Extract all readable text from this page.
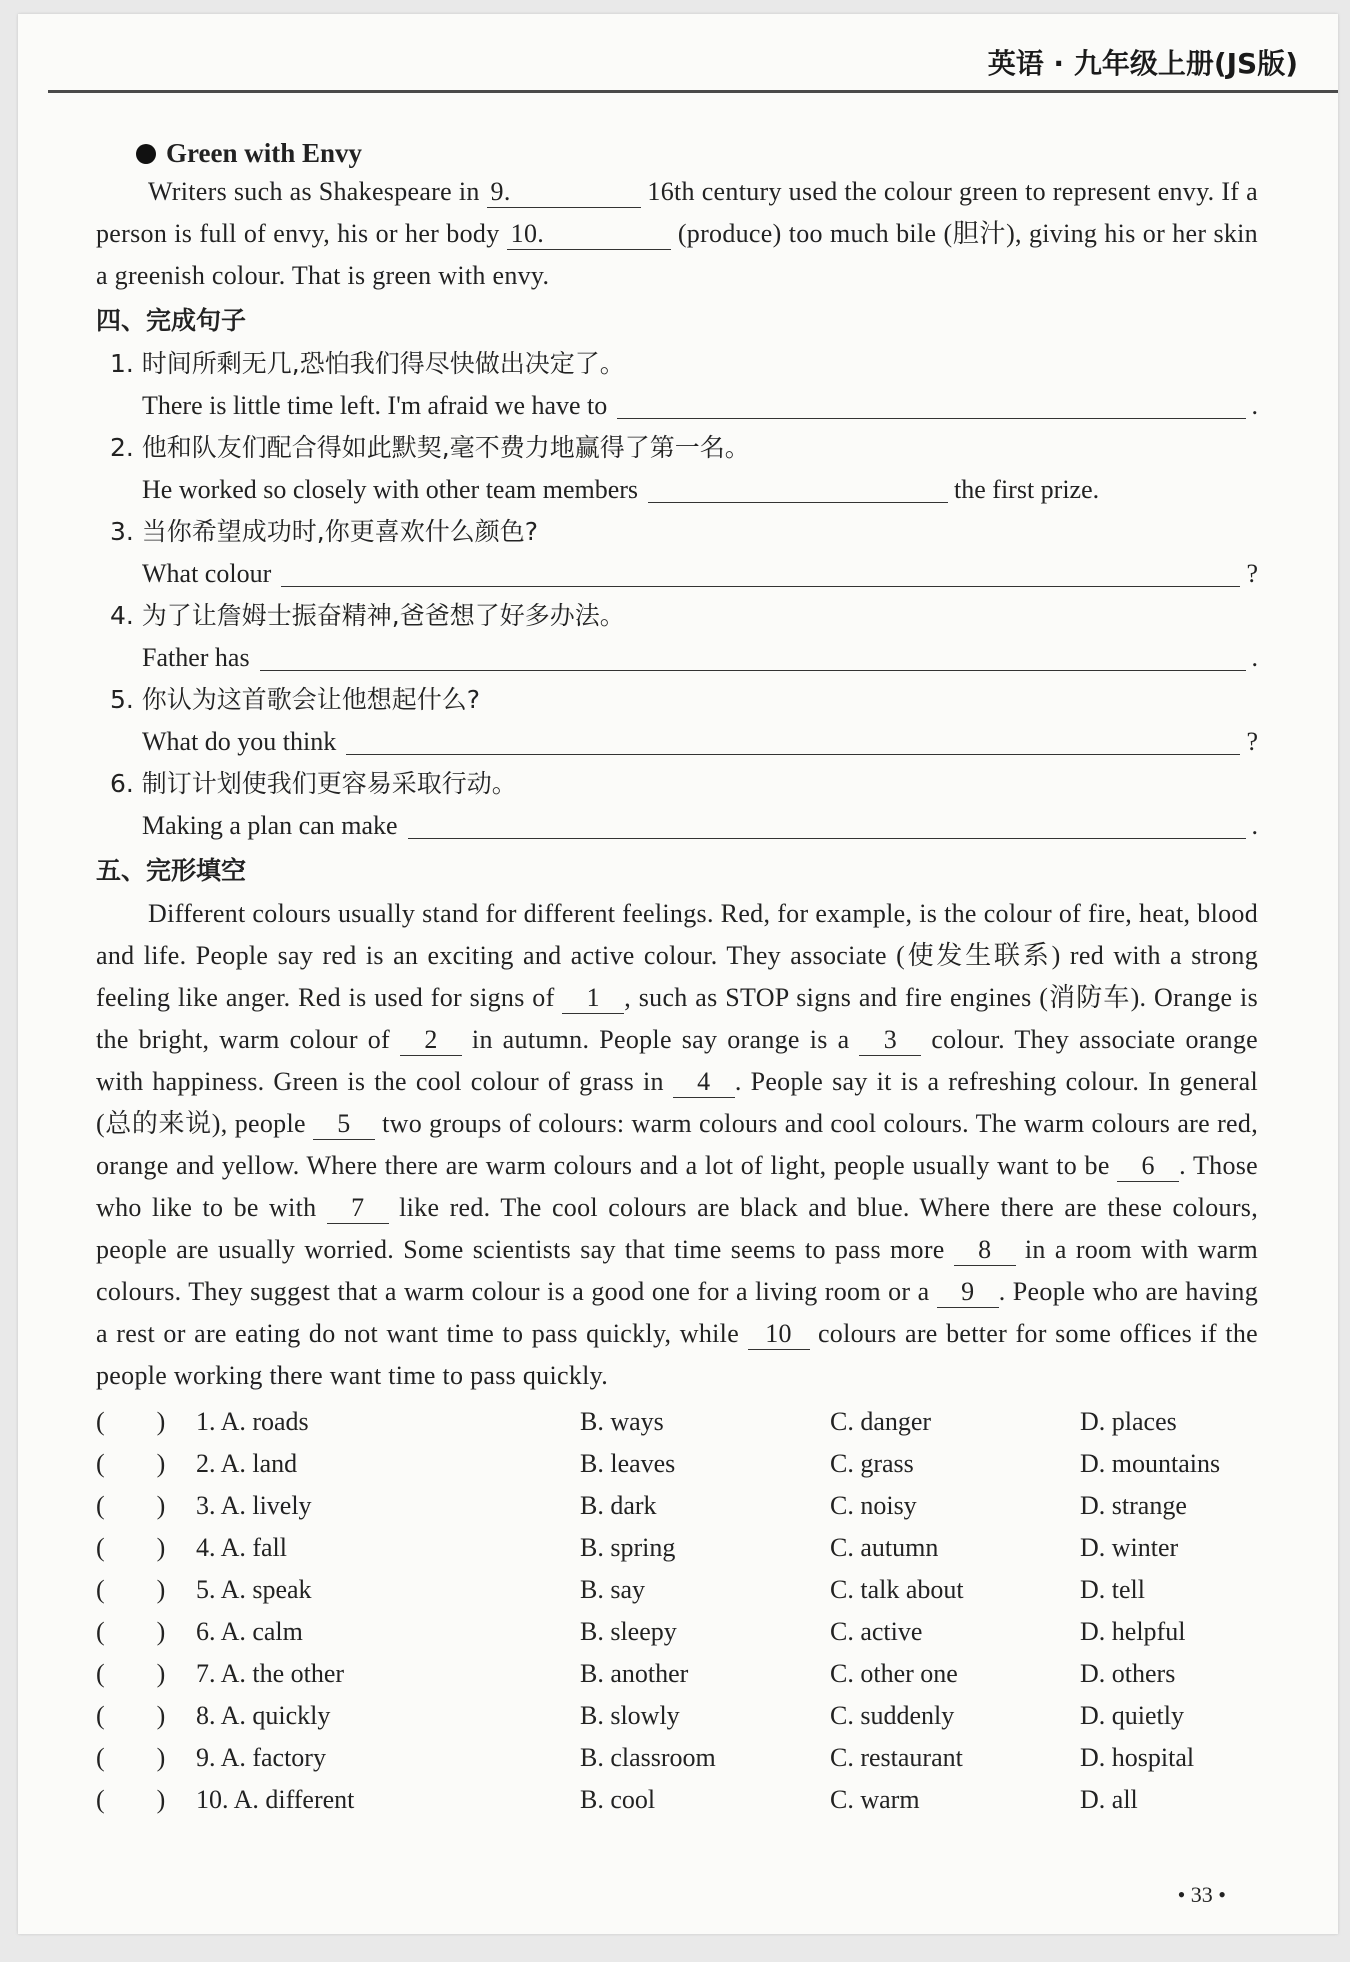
英语 · 九年级上册(JS版)
Green with Envy
Writers such as Shakespeare in 9.	16th century used the colour green to represent envy. If a person is full of envy, his or her body 10.	(produce) too much bile (胆汁), giving his or her skin a greenish colour. That is green with envy.
四、完成句子
1. 时间所剩无几,恐怕我们得尽快做出决定了。
There is little time left. I'm afraid we have to	.
2. 他和队友们配合得如此默契,毫不费力地赢得了第一名。
He worked so closely with other team members	the first prize.
3. 当你希望成功时,你更喜欢什么颜色?
What colour	?
4. 为了让詹姆士振奋精神,爸爸想了好多办法。
Father has	.
5. 你认为这首歌会让他想起什么?
What do you think	?
6. 制订计划使我们更容易采取行动。
Making a plan can make	.
五、完形填空
Different colours usually stand for different feelings. Red, for example, is the colour of fire, heat, blood and life. People say red is an exciting and active colour. They associate (使发生联系) red with a strong feeling like anger. Red is used for signs of 1 , such as STOP signs and fire engines (消防车). Orange is the bright, warm colour of 2 in autumn. People say orange is a 3 colour. They associate orange with happiness. Green is the cool colour of grass in 4 . People say it is a refreshing colour. In general (总的来说), people 5 two groups of colours: warm colours and cool colours. The warm colours are red, orange and yellow. Where there are warm colours and a lot of light, people usually want to be 6 . Those who like to be with 7 like red. The cool colours are black and blue. Where there are these colours, people are usually worried. Some scientists say that time seems to pass more 8 in a room with warm colours. They suggest that a warm colour is a good one for a living room or a 9 . People who are having a rest or are eating do not want time to pass quickly, while 10 colours are better for some offices if the people working there want time to pass quickly.
(　　)	1. A. roads	B. ways	C. danger	D. places
(　　)	2. A. land	B. leaves	C. grass	D. mountains
(　　)	3. A. lively	B. dark	C. noisy	D. strange
(　　)	4. A. fall	B. spring	C. autumn	D. winter
(　　)	5. A. speak	B. say	C. talk about	D. tell
(　　)	6. A. calm	B. sleepy	C. active	D. helpful
(　　)	7. A. the other	B. another	C. other one	D. others
(　　)	8. A. quickly	B. slowly	C. suddenly	D. quietly
(　　)	9. A. factory	B. classroom	C. restaurant	D. hospital
(　　)	10. A. different	B. cool	C. warm	D. all
• 33 •
